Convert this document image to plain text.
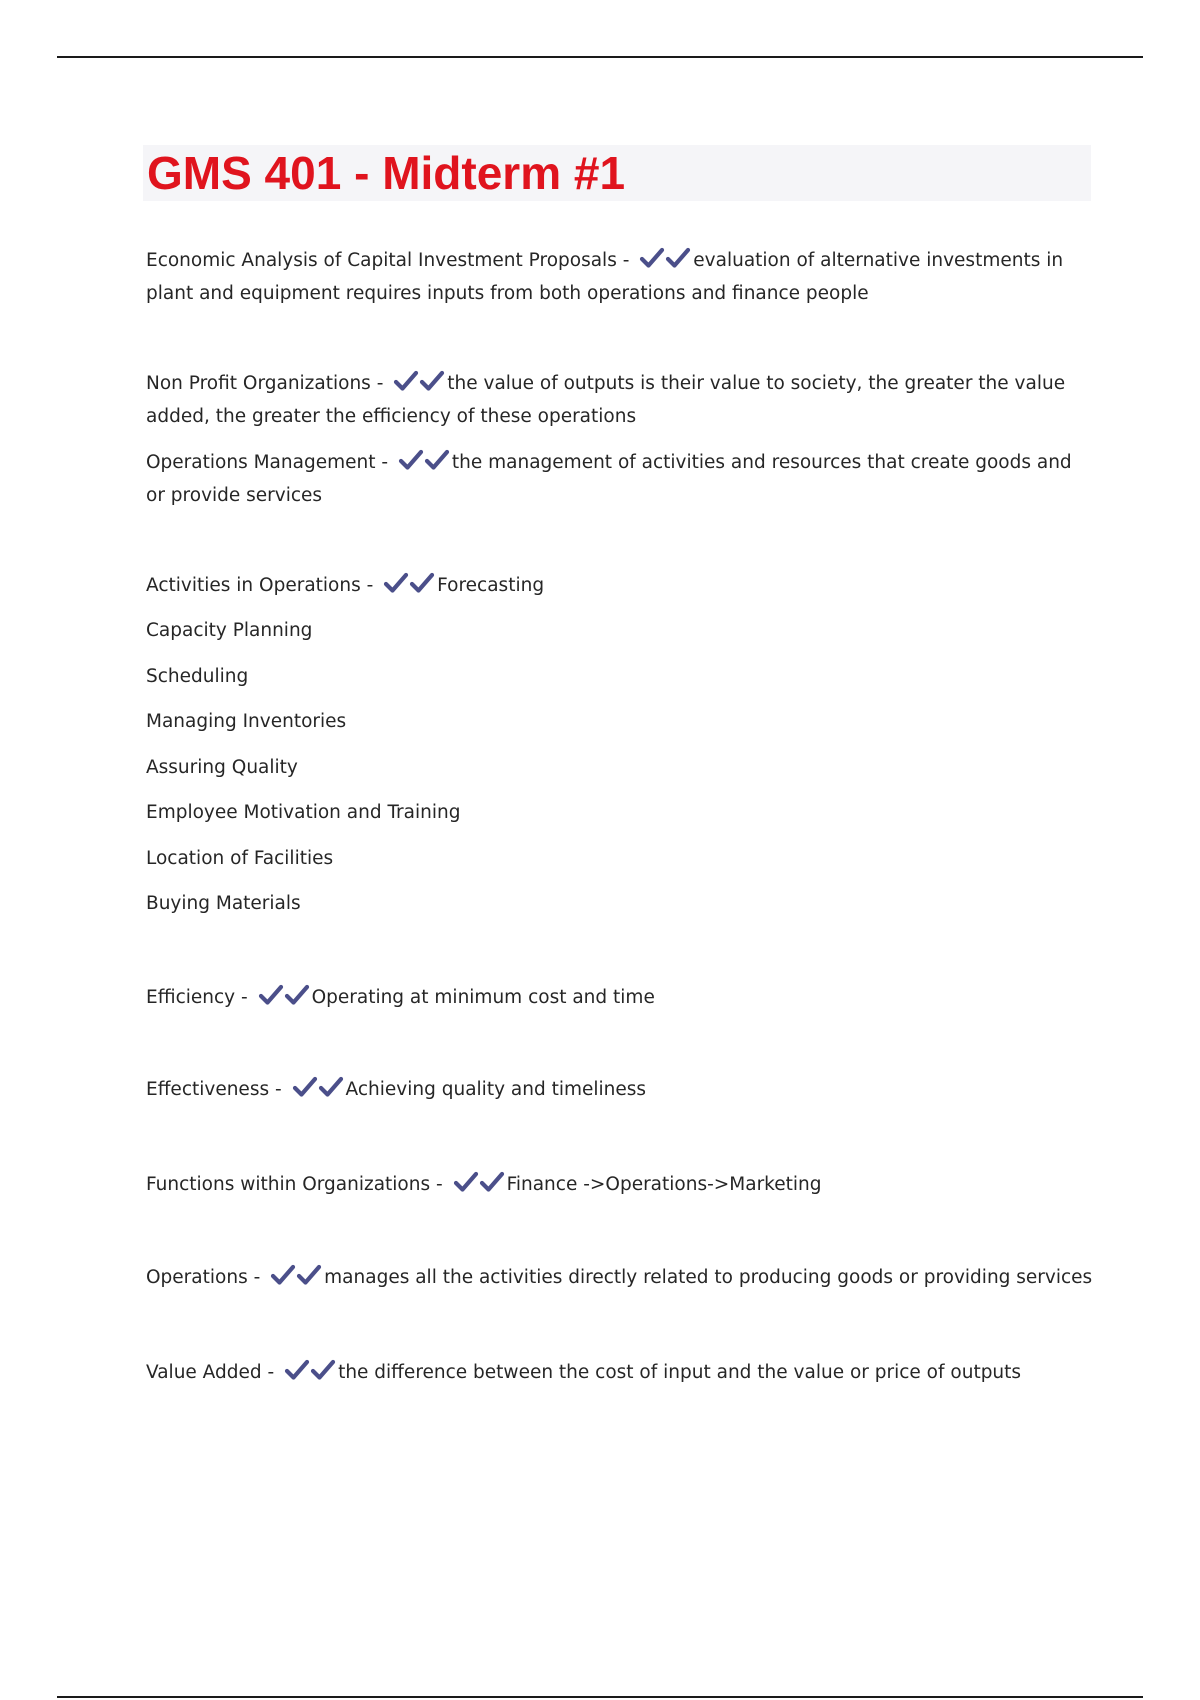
GMS 401 - Midterm #1

Economic Analysis of Capital Investment Proposals -	evaluation of alternative investments in plant and equipment requires inputs from both operations and finance people

Non Profit Organizations -	the value of outputs is their value to society, the greater the value added, the greater the efficiency of these operations

Operations Management -	the management of activities and resources that create goods and or provide services

Activities in Operations -	Forecasting

Capacity Planning

Scheduling

Managing Inventories

Assuring Quality

Employee Motivation and Training

Location of Facilities

Buying Materials

Efficiency -	Operating at minimum cost and time

Effectiveness -	Achieving quality and timeliness

Functions within Organizations -	Finance ->Operations->Marketing

Operations -	manages all the activities directly related to producing goods or providing services

Value Added -	the difference between the cost of input and the value or price of outputs
